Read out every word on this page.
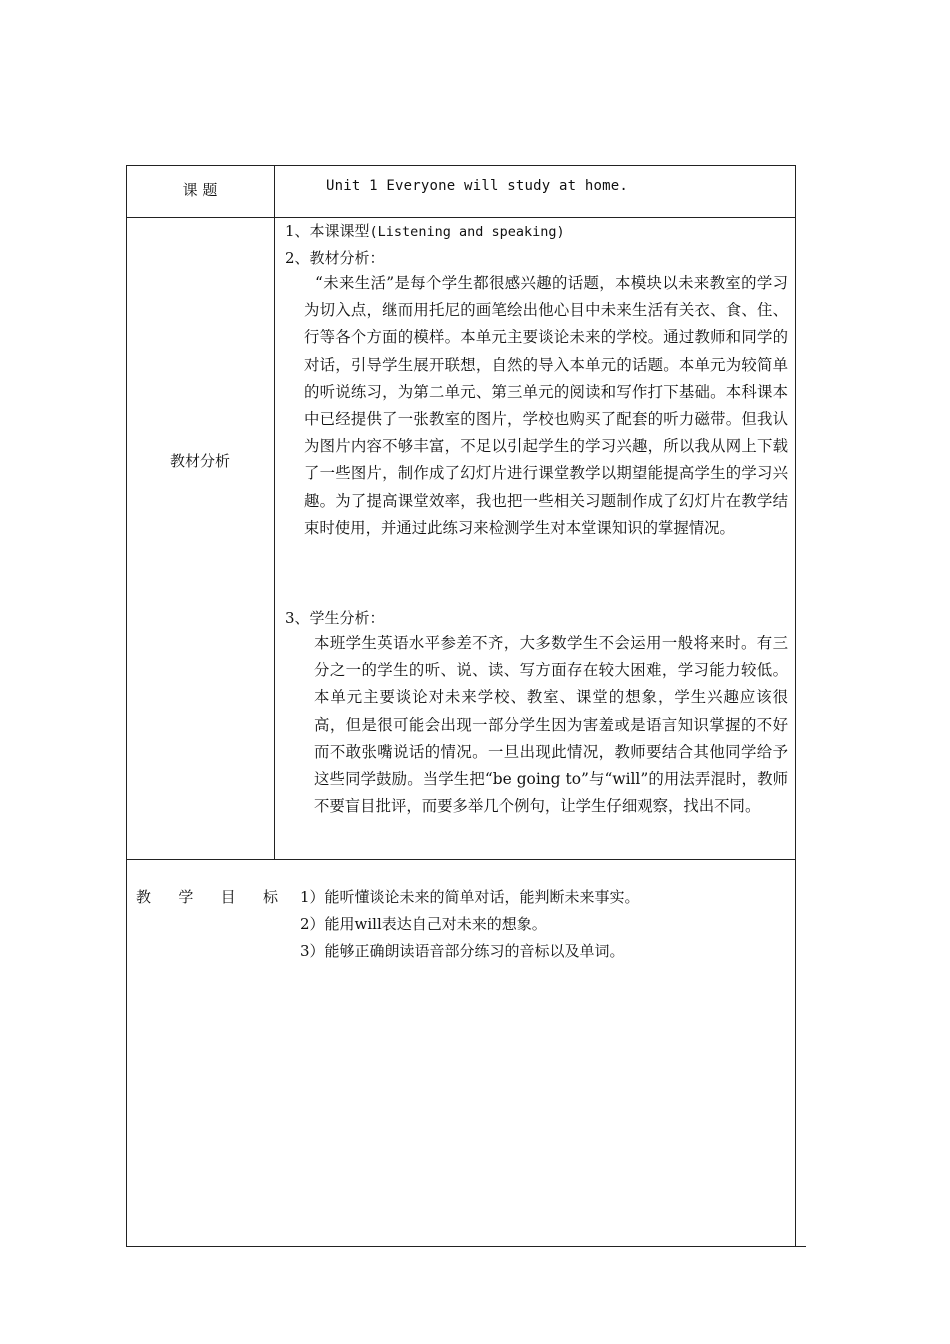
课 题	Unit 1 Everyone will study at home.
教材分析
1、本课课型(Listening and speaking)
2、教材分析：
“未来生活”是每个学生都很感兴趣的话题，本模块以未来教室的学习为切入点，继而用托尼的画笔绘出他心目中未来生活有关衣、食、住、行等各个方面的模样。本单元主要谈论未来的学校。通过教师和同学的对话，引导学生展开联想，自然的导入本单元的话题。本单元为较简单的听说练习，为第二单元、第三单元的阅读和写作打下基础。本科课本中已经提供了一张教室的图片，学校也购买了配套的听力磁带。但我认为图片内容不够丰富，不足以引起学生的学习兴趣，所以我从网上下载了一些图片，制作成了幻灯片进行课堂教学以期望能提高学生的学习兴趣。为了提高课堂效率，我也把一些相关习题制作成了幻灯片在教学结束时使用，并通过此练习来检测学生对本堂课知识的掌握情况。
3、学生分析：
本班学生英语水平参差不齐，大多数学生不会运用一般将来时。有三分之一的学生的听、说、读、写方面存在较大困难，学习能力较低。本单元主要谈论对未来学校、教室、课堂的想象，学生兴趣应该很高，但是很可能会出现一部分学生因为害羞或是语言知识掌握的不好而不敢张嘴说话的情况。一旦出现此情况，教师要结合其他同学给予这些同学鼓励。当学生把“be going to”与“will”的用法弄混时，教师不要盲目批评，而要多举几个例句，让学生仔细观察，找出不同。
教 学 目 标 1）能听懂谈论未来的简单对话，能判断未来事实。
2）能用will表达自己对未来的想象。
3）能够正确朗读语音部分练习的音标以及单词。
